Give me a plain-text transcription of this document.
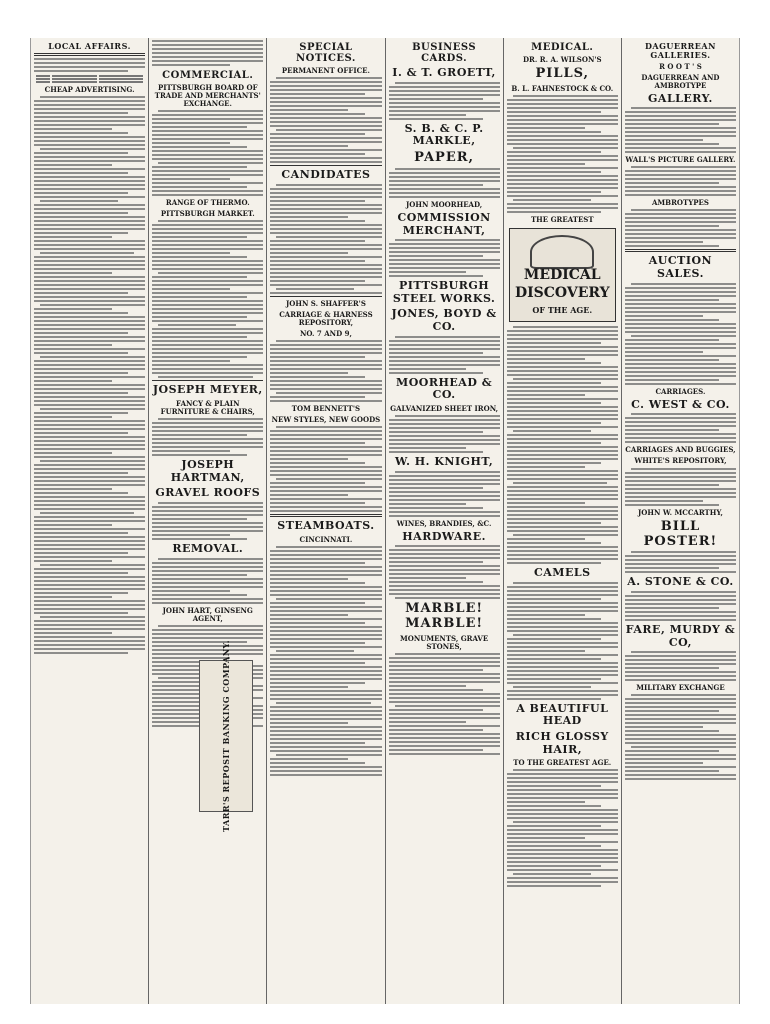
LOCAL AFFAIRS.
CHEAP ADVERTISING.
COMMERCIAL.
PITTSBURGH BOARD OF TRADE AND MERCHANTS' EXCHANGE.
RANGE OF THERMO.
PITTSBURGH MARKET.
JOSEPH MEYER,
FANCY & PLAIN FURNITURE & CHAIRS,
JOSEPH HARTMAN,
GRAVEL ROOFS
REMOVAL.
JOHN HART, GINSENG AGENT,
SPECIAL NOTICES.
PERMANENT OFFICE.
CANDIDATES
JOHN S. SHAFFER'S
CARRIAGE & HARNESS REPOSITORY,
NO. 7 AND 9,
TOM BENNETT'S
NEW STYLES, NEW GOODS
STEAMBOATS.
CINCINNATI.
BUSINESS CARDS.
I. & T. GROETT,
S. B. & C. P. MARKLE,
PAPER,
JOHN MOORHEAD,
COMMISSION MERCHANT,
PITTSBURGH STEEL WORKS.
JONES, BOYD & CO.
MOORHEAD & CO.
GALVANIZED SHEET IRON,
W. H. KNIGHT,
WINES, BRANDIES, &C.
HARDWARE.
MARBLE! MARBLE!
MONUMENTS, GRAVE STONES,
MEDICAL.
DR. R. A. WILSON'S
PILLS,
B. L. FAHNESTOCK & CO.
THE GREATEST
MEDICAL
DISCOVERY
OF THE AGE.
CAMELS
A BEAUTIFUL HEAD
RICH GLOSSY HAIR,
TO THE GREATEST AGE.
DAGUERREAN GALLERIES.
R O O T ' S
DAGUERREAN AND AMBROTYPE
GALLERY.
WALL'S PICTURE GALLERY.
AMBROTYPES
AUCTION SALES.
CARRIAGES.
C. WEST & CO.
CARRIAGES AND BUGGIES,
WHITE'S REPOSITORY,
JOHN W. MCCARTHY,
BILL POSTER!
A. STONE & CO.
FARE, MURDY & CO,
MILITARY EXCHANGE
TARR'S REPOSIT BANKING COMPANY.
